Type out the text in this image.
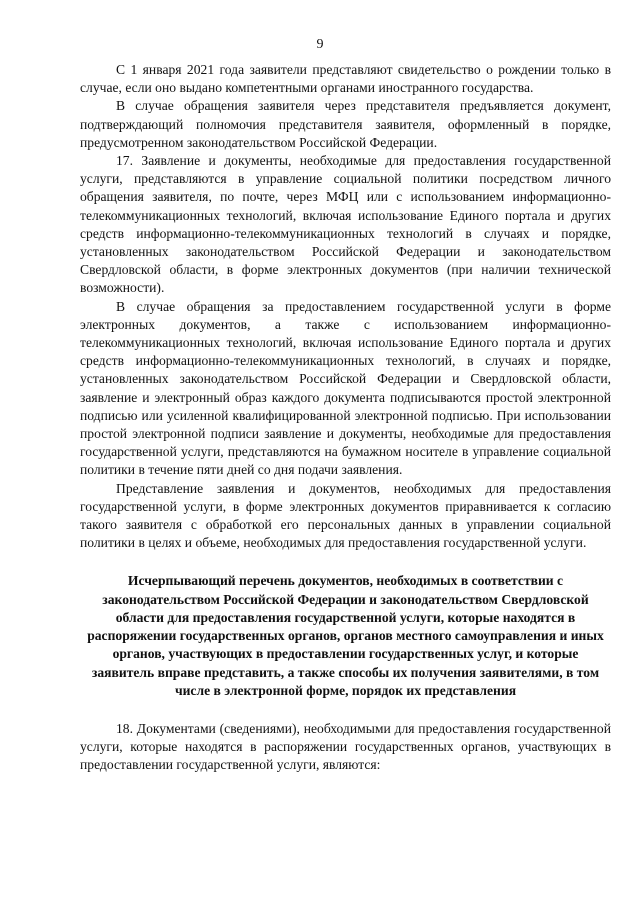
9

С 1 января 2021 года заявители представляют свидетельство о рождении только в случае, если оно выдано компетентными органами иностранного государства.

В случае обращения заявителя через представителя предъявляется документ, подтверждающий полномочия представителя заявителя, оформленный в порядке, предусмотренном законодательством Российской Федерации.

17. Заявление и документы, необходимые для предоставления государственной услуги, представляются в управление социальной политики посредством личного обращения заявителя, по почте, через МФЦ или с использованием информационно-телекоммуникационных технологий, включая использование Единого портала и других средств информационно-телекоммуникационных технологий в случаях и порядке, установленных законодательством Российской Федерации и законодательством Свердловской области, в форме электронных документов (при наличии технической возможности).

В случае обращения за предоставлением государственной услуги в форме электронных документов, а также с использованием информационно-телекоммуникационных технологий, включая использование Единого портала и других средств информационно-телекоммуникационных технологий, в случаях и порядке, установленных законодательством Российской Федерации и Свердловской области, заявление и электронный образ каждого документа подписываются простой электронной подписью или усиленной квалифицированной электронной подписью. При использовании простой электронной подписи заявление и документы, необходимые для предоставления государственной услуги, представляются на бумажном носителе в управление социальной политики в течение пяти дней со дня подачи заявления.

Представление заявления и документов, необходимых для предоставления государственной услуги, в форме электронных документов приравнивается к согласию такого заявителя с обработкой его персональных данных в управлении социальной политики в целях и объеме, необходимых для предоставления государственной услуги.

Исчерпывающий перечень документов, необходимых в соответствии с законодательством Российской Федерации и законодательством Свердловской области для предоставления государственной услуги, которые находятся в распоряжении государственных органов, органов местного самоуправления и иных органов, участвующих в предоставлении государственных услуг, и которые заявитель вправе представить, а также способы их получения заявителями, в том числе в электронной форме, порядок их представления

18. Документами (сведениями), необходимыми для предоставления государственной услуги, которые находятся в распоряжении государственных органов, участвующих в предоставлении государственной услуги, являются:
